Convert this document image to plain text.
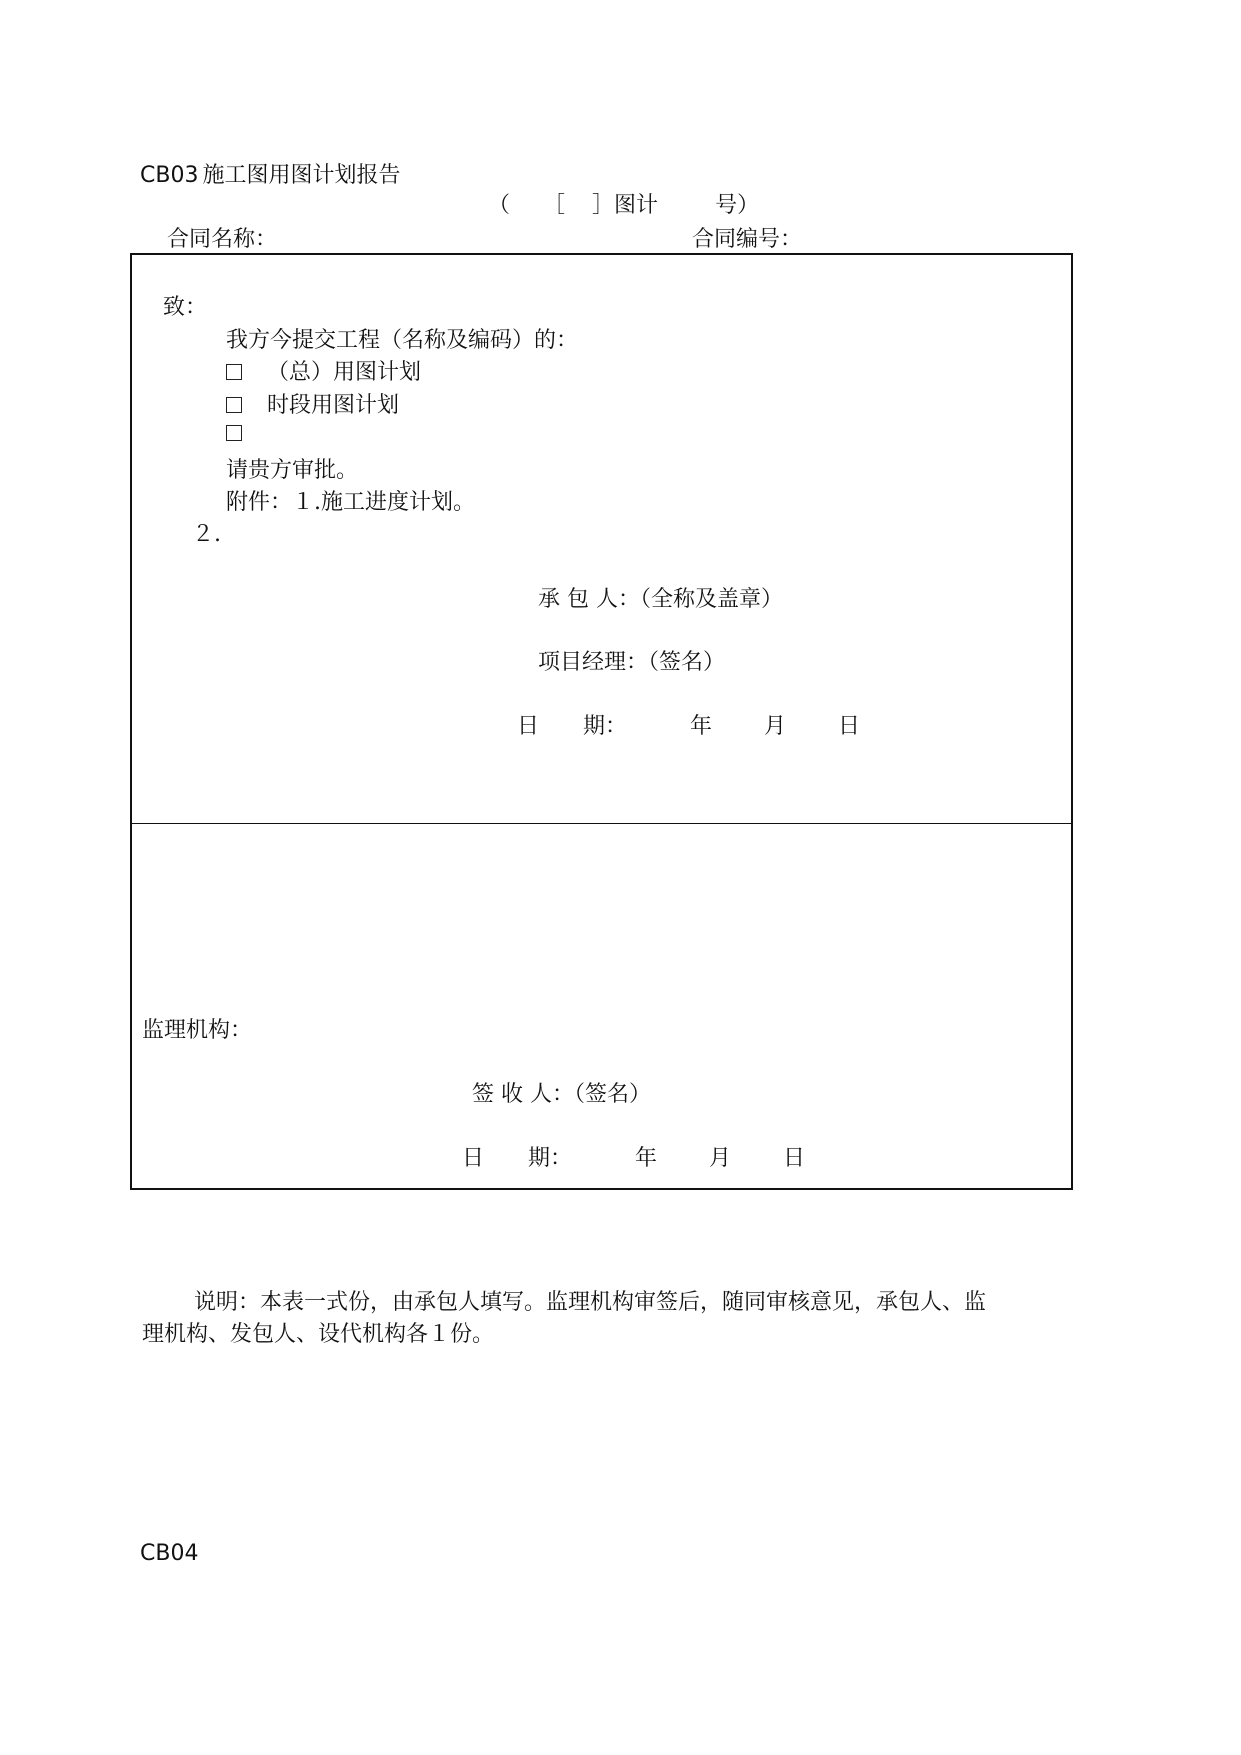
CB03 施工图用图计划报告
（ ［ ］图计	号）
合同名称：	合同编号：
致：
我方今提交工程（名称及编码）的：
（总）用图计划
时段用图计划
请贵方审批。
附件：１.施工进度计划。
２.
承 包 人：（全称及盖章）
项目经理：（签名）
日　　期：	年 月 日
监理机构：
签 收 人：（签名）
日　　期：	年 月 日
说明：本表一式份，由承包人填写。监理机构审签后，随同审核意见，承包人、监
理机构、发包人、设代机构各１份。
CB04
